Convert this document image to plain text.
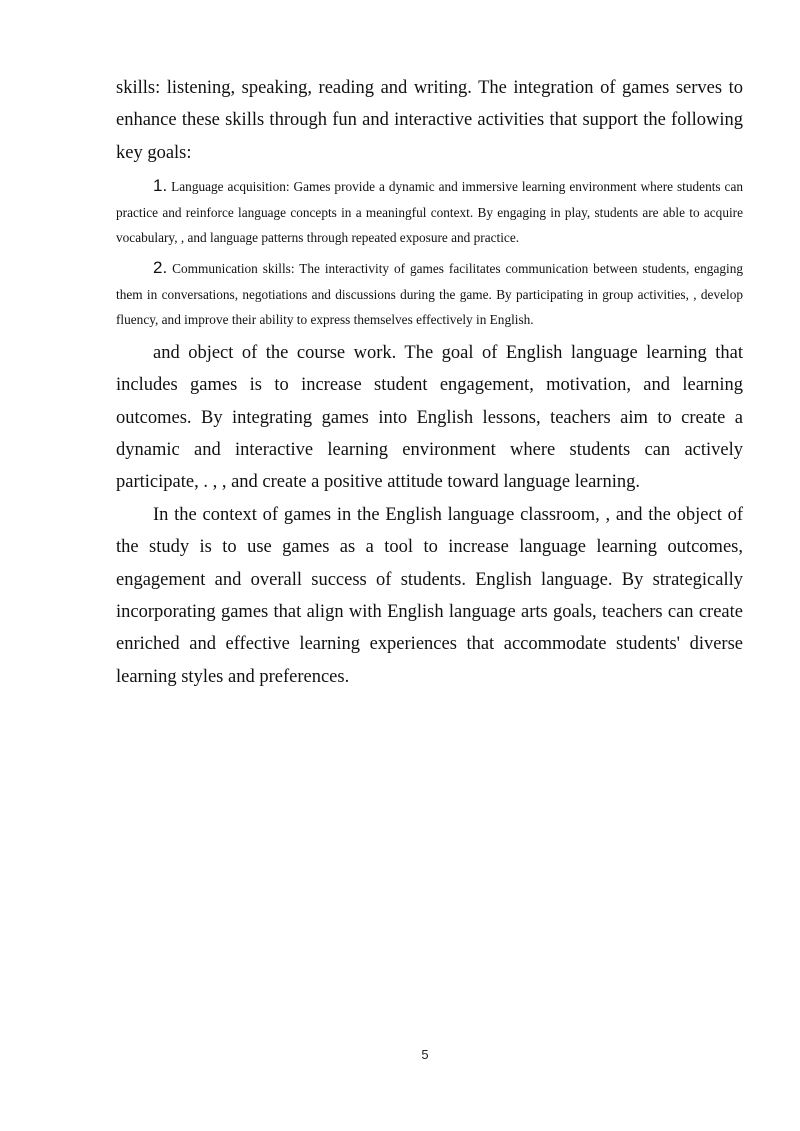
skills: listening, speaking, reading and writing. The integration of games serves to enhance these skills through fun and interactive activities that support the following key goals:

1. Language acquisition: Games provide a dynamic and immersive learning environment where students can practice and reinforce language concepts in a meaningful context. By engaging in play, students are able to acquire vocabulary, , and language patterns through repeated exposure and practice.

2. Communication skills: The interactivity of games facilitates communication between students, engaging them in conversations, negotiations and discussions during the game. By participating in group activities, , develop fluency, and improve their ability to express themselves effectively in English.

and object of the course work. The goal of English language learning that includes games is to increase student engagement, motivation, and learning outcomes. By integrating games into English lessons, teachers aim to create a dynamic and interactive learning environment where students can actively participate, . , , and create a positive attitude toward language learning.

In the context of games in the English language classroom, , and the object of the study is to use games as a tool to increase language learning outcomes, engagement and overall success of students. English language. By strategically incorporating games that align with English language arts goals, teachers can create enriched and effective learning experiences that accommodate students' diverse learning styles and preferences.

5
